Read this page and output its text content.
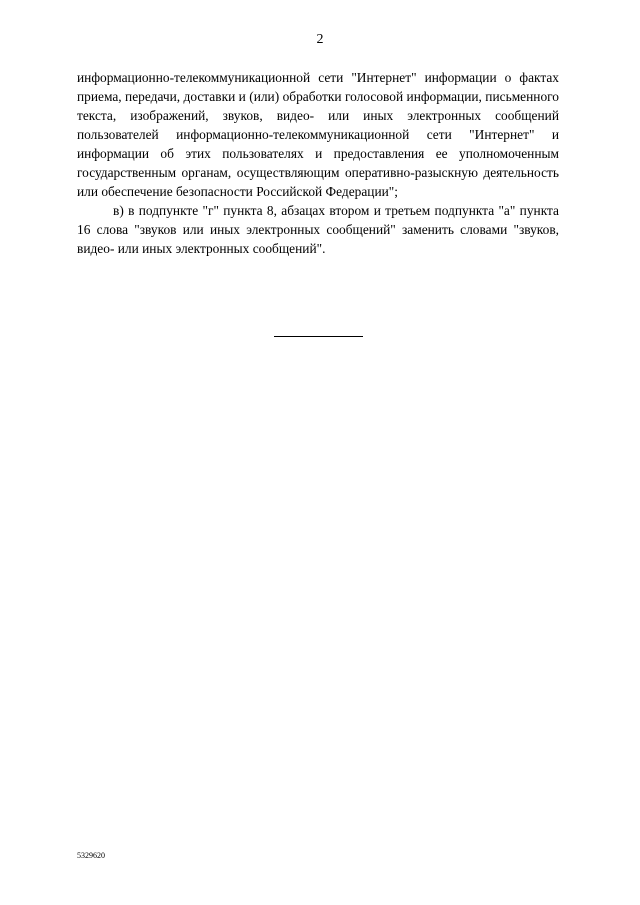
2

информационно-телекоммуникационной сети "Интернет" информации о фактах приема, передачи, доставки и (или) обработки голосовой информации, письменного текста, изображений, звуков, видео- или иных электронных сообщений пользователей информационно-телекоммуникационной сети "Интернет" и информации об этих пользователях и предоставления ее уполномоченным государственным органам, осуществляющим оперативно-разыскную деятельность или обеспечение безопасности Российской Федерации";

в) в подпункте "г" пункта 8, абзацах втором и третьем подпункта "а" пункта 16 слова "звуков или иных электронных сообщений" заменить словами "звуков, видео- или иных электронных сообщений".

5329620
